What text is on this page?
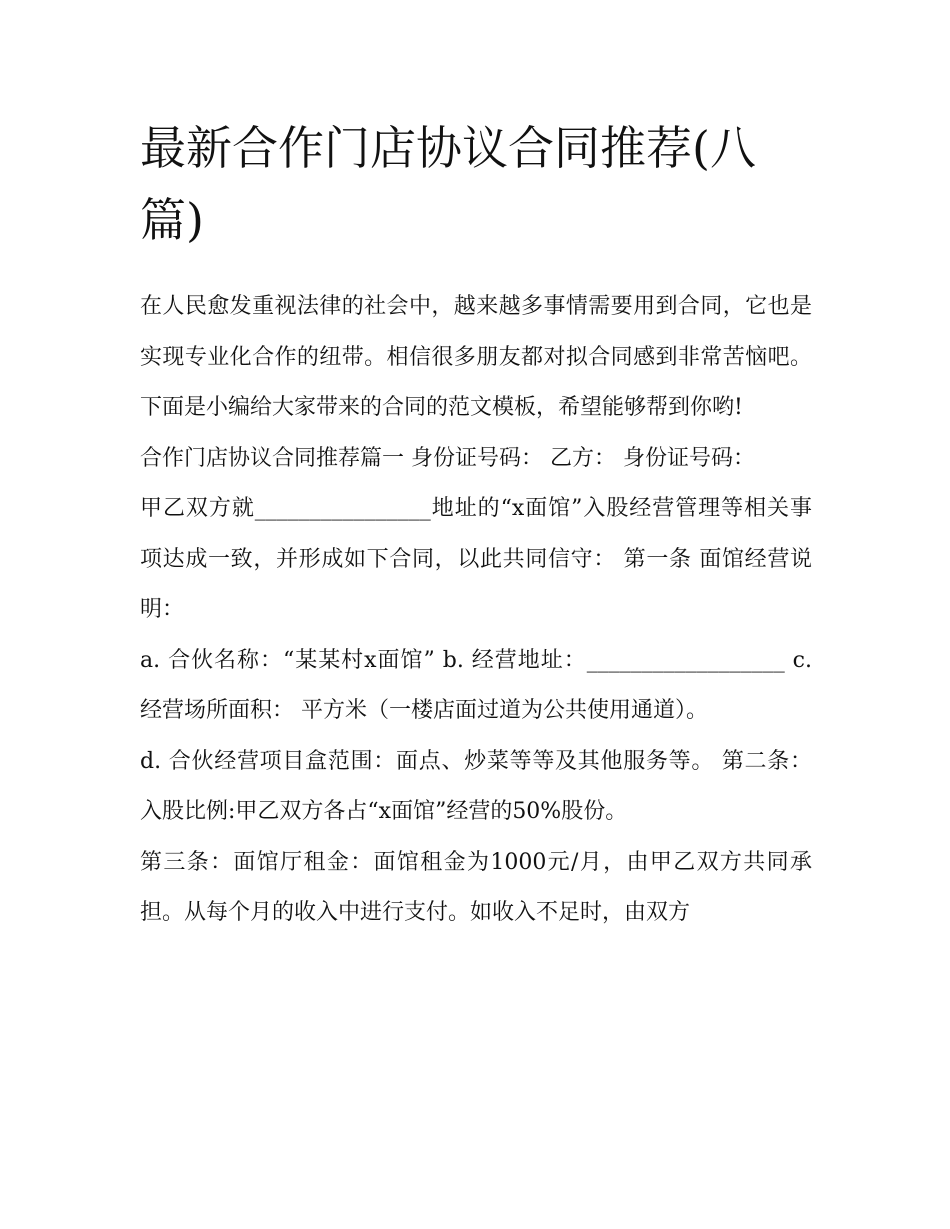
最新合作门店协议合同推荐(八篇)

在人民愈发重视法律的社会中，越来越多事情需要用到合同，它也是实现专业化合作的纽带。相信很多朋友都对拟合同感到非常苦恼吧。下面是小编给大家带来的合同的范文模板，希望能够帮到你哟!

合作门店协议合同推荐篇一 身份证号码： 乙方： 身份证号码：

甲乙双方就________________地址的“x面馆”入股经营管理等相关事项达成一致，并形成如下合同，以此共同信守： 第一条 面馆经营说明：

a. 合伙名称：“某某村x面馆” b. 经营地址：__________________ c. 经营场所面积： 平方米（一楼店面过道为公共使用通道）。

d. 合伙经营项目盒范围：面点、炒菜等等及其他服务等。 第二条：入股比例:甲乙双方各占“x面馆”经营的50%股份。

第三条：面馆厅租金：面馆租金为1000元/月，由甲乙双方共同承担。从每个月的收入中进行支付。如收入不足时，由双方
